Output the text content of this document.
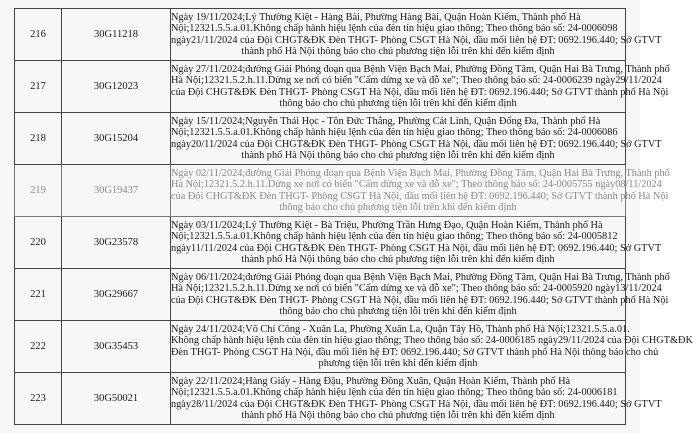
216	30G11218	Ngày 19/11/2024;Lý Thường Kiệt - Hàng Bài, Phường Hàng Bài, Quận Hoàn Kiếm, Thành phố Hà
Nội;12321.5.5.a.01.Không chấp hành hiệu lệnh của đèn tín hiệu giao thông; Theo thông báo số: 24-0006098
ngày21/11/2024 của Đội CHGT&ĐK Đèn THGT- Phòng CSGT Hà Nội, đầu mối liên hệ ĐT: 0692.196.440; Sở GTVT
thành phố Hà Nội thông báo cho chủ phương tiện lỗi trên khi đến kiểm định

217	30G12023	Ngày 27/11/2024;đường Giải Phóng đoạn qua Bệnh Viện Bạch Mai, Phường Đồng Tâm, Quận Hai Bà Trưng, Thành phố
Hà Nội;12321.5.2.h.11.Dừng xe nơi có biển "Cấm dừng xe và đỗ xe"; Theo thông báo số: 24-0006239 ngày29/11/2024
của Đội CHGT&ĐK Đèn THGT- Phòng CSGT Hà Nội, đầu mối liên hệ ĐT: 0692.196.440; Sở GTVT thành phố Hà Nội
thông báo cho chủ phương tiện lỗi trên khi đến kiểm định

218	30G15204	Ngày 15/11/2024;Nguyễn Thái Học - Tôn Đức Thắng, Phường Cát Linh, Quận Đống Đa, Thành phố Hà
Nội;12321.5.5.a.01.Không chấp hành hiệu lệnh của đèn tín hiệu giao thông; Theo thông báo số: 24-0006086
ngày20/11/2024 của Đội CHGT&ĐK Đèn THGT- Phòng CSGT Hà Nội, đầu mối liên hệ ĐT: 0692.196.440; Sở GTVT
thành phố Hà Nội thông báo cho chủ phương tiện lỗi trên khi đến kiểm định

219	30G19437	Ngày 02/11/2024;đường Giải Phóng đoạn qua Bệnh Viện Bạch Mai, Phường Đồng Tâm, Quận Hai Bà Trưng, Thành phố
Hà Nội;12321.5.2.h.11.Dừng xe nơi có biển "Cấm dừng xe và đỗ xe"; Theo thông báo số: 24-0005755 ngày08/11/2024
của Đội CHGT&ĐK Đèn THGT- Phòng CSGT Hà Nội, đầu mối liên hệ ĐT: 0692.196.440; Sở GTVT thành phố Hà Nội
thông báo cho chủ phương tiện lỗi trên khi đến kiểm định

220	30G23578	Ngày 03/11/2024;Lý Thường Kiệt - Bà Triệu, Phường Trần Hưng Đạo, Quận Hoàn Kiếm, Thành phố Hà
Nội;12321.5.5.a.01.Không chấp hành hiệu lệnh của đèn tín hiệu giao thông; Theo thông báo số: 24-0005812
ngày11/11/2024 của Đội CHGT&ĐK Đèn THGT- Phòng CSGT Hà Nội, đầu mối liên hệ ĐT: 0692.196.440; Sở GTVT
thành phố Hà Nội thông báo cho chủ phương tiện lỗi trên khi đến kiểm định

221	30G29667	Ngày 06/11/2024;đường Giải Phóng đoạn qua Bệnh Viện Bạch Mai, Phường Đồng Tâm, Quận Hai Bà Trưng, Thành phố
Hà Nội;12321.5.2.h.11.Dừng xe nơi có biển "Cấm dừng xe và đỗ xe"; Theo thông báo số: 24-0005920 ngày13/11/2024
của Đội CHGT&ĐK Đèn THGT- Phòng CSGT Hà Nội, đầu mối liên hệ ĐT: 0692.196.440; Sở GTVT thành phố Hà Nội
thông báo cho chủ phương tiện lỗi trên khi đến kiểm định

222	30G35453	Ngày 24/11/2024;Võ Chí Công - Xuân La, Phường Xuân La, Quận Tây Hồ, Thành phố Hà Nội;12321.5.5.a.01.
Không chấp hành hiệu lệnh của đèn tín hiệu giao thông; Theo thông báo số: 24-0006185 ngày29/11/2024 của Đội CHGT&ĐK
Đèn THGT- Phòng CSGT Hà Nội, đầu mối liên hệ ĐT: 0692.196.440; Sở GTVT thành phố Hà Nội thông báo cho chủ
phương tiện lỗi trên khi đến kiểm định

223	30G50021	Ngày 22/11/2024;Hàng Giấy - Hàng Đậu, Phường Đồng Xuân, Quận Hoàn Kiếm, Thành phố Hà
Nội;12321.5.5.a.01.Không chấp hành hiệu lệnh của đèn tín hiệu giao thông; Theo thông báo số: 24-0006181
ngày28/11/2024 của Đội CHGT&ĐK Đèn THGT- Phòng CSGT Hà Nội, đầu mối liên hệ ĐT: 0692.196.440; Sở GTVT
thành phố Hà Nội thông báo cho chủ phương tiện lỗi trên khi đến kiểm định
